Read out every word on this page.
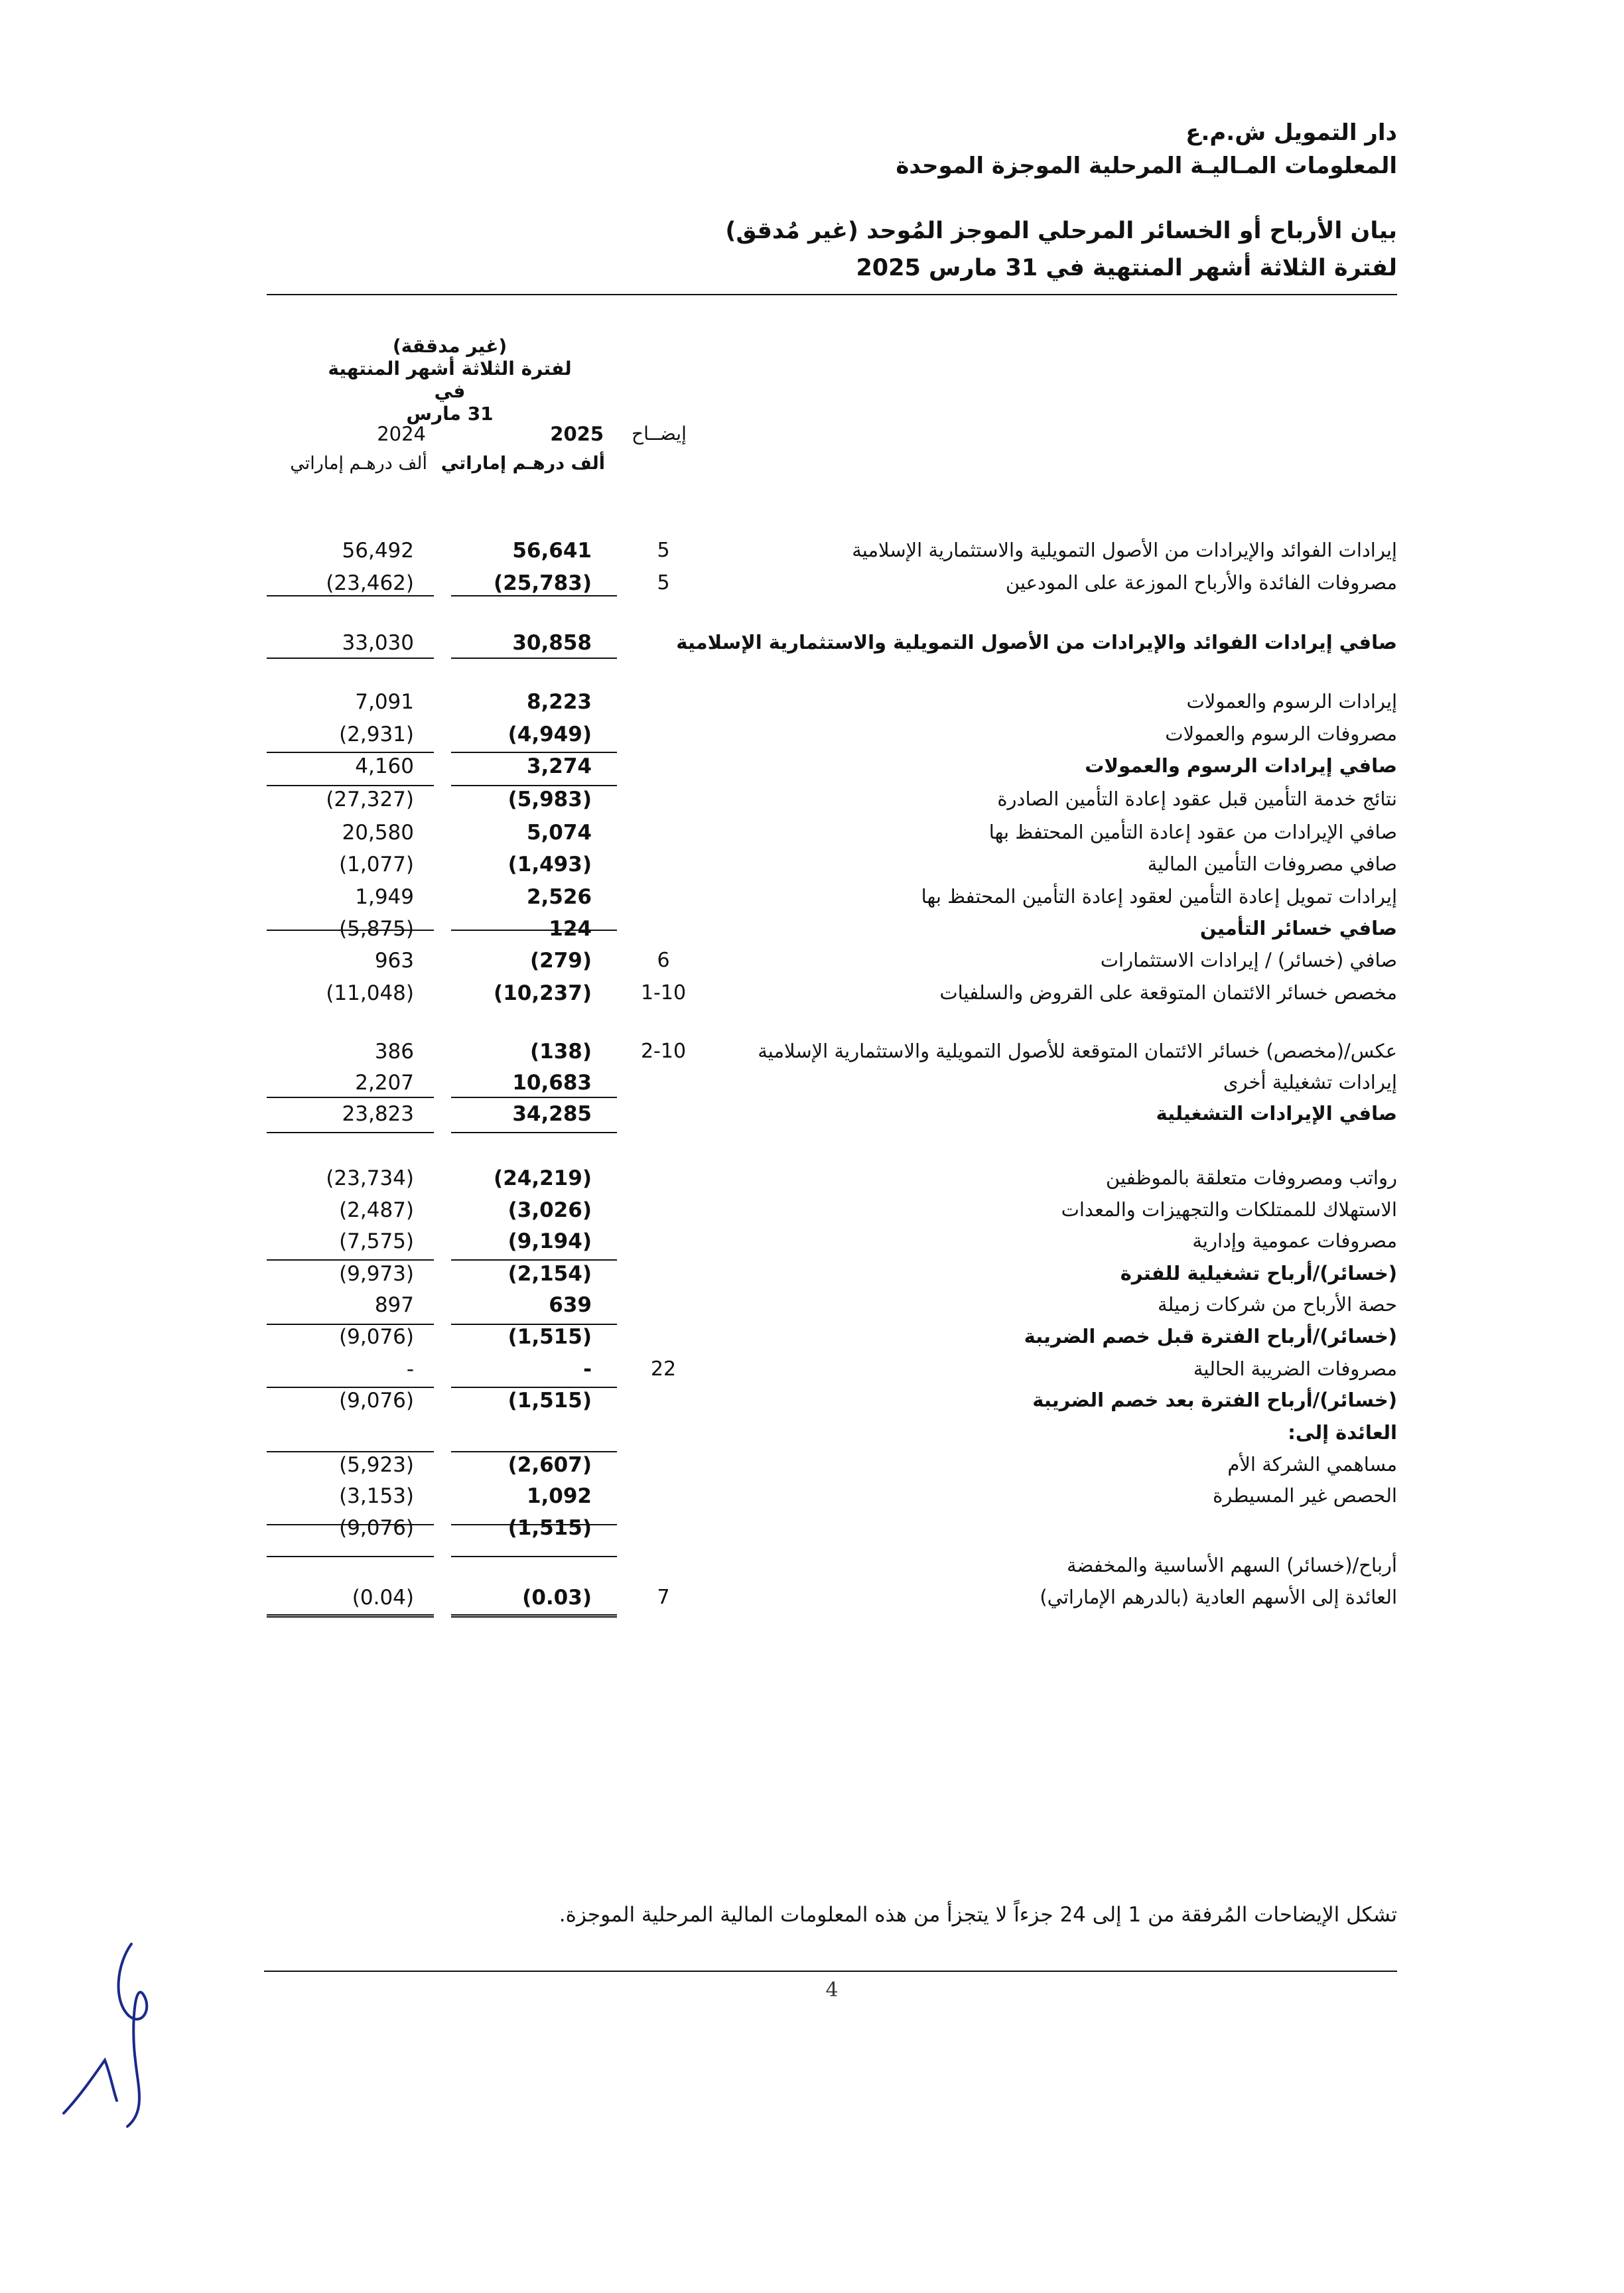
دار التمويل ش.م.ع
المعلومات المـاليـة المرحلية الموجزة الموحدة
بيان الأرباح أو الخسائر المرحلي الموجز المُوحد (غير مُدقق)
لفترة الثلاثة أشهر المنتهية في 31 مارس 2025
(غير مدققة)
لفترة الثلاثة أشهر المنتهية في
31 مارس
إيضــاح
2025
2024
ألف درهـم إماراتي
ألف درهـم إماراتي
إيرادات الفوائد والإيرادات من الأصول التمويلية والاستثمارية الإسلامية
5
56,641
56,492
مصروفات الفائدة والأرباح الموزعة على المودعين
5
(25,783)
(23,462)
صافي إيرادات الفوائد والإيرادات من الأصول التمويلية والاستثمارية الإسلامية
30,858
33,030
إيرادات الرسوم والعمولات
8,223
7,091
مصروفات الرسوم والعمولات
(4,949)
(2,931)
صافي إيرادات الرسوم والعمولات
3,274
4,160
نتائج خدمة التأمين قبل عقود إعادة التأمين الصادرة
(5,983)
(27,327)
صافي الإيرادات من عقود إعادة التأمين المحتفظ بها
5,074
20,580
صافي مصروفات التأمين المالية
(1,493)
(1,077)
إيرادات تمويل إعادة التأمين لعقود إعادة التأمين المحتفظ بها
2,526
1,949
صافي خسائر التأمين
124
(5,875)
صافي (خسائر) / إيرادات الاستثمارات
6
(279)
963
مخصص خسائر الائتمان المتوقعة على القروض والسلفيات
1-10
(10,237)
(11,048)
عكس/(مخصص) خسائر الائتمان المتوقعة للأصول التمويلية والاستثمارية الإسلامية
2-10
(138)
386
إيرادات تشغيلية أخرى
10,683
2,207
صافي الإيرادات التشغيلية
34,285
23,823
رواتب ومصروفات متعلقة بالموظفين
(24,219)
(23,734)
الاستهلاك للممتلكات والتجهيزات والمعدات
(3,026)
(2,487)
مصروفات عمومية وإدارية
(9,194)
(7,575)
(خسائر)/أرباح تشغيلية للفترة
(2,154)
(9,973)
حصة الأرباح من شركات زميلة
639
897
(خسائر)/أرباح الفترة قبل خصم الضريبة
(1,515)
(9,076)
مصروفات الضريبة الحالية
22
-
-
(خسائر)/أرباح الفترة بعد خصم الضريبة
(1,515)
(9,076)
العائدة إلى:
مساهمي الشركة الأم
(2,607)
(5,923)
الحصص غير المسيطرة
1,092
(3,153)
(1,515)
(9,076)
أرباح/(خسائر) السهم الأساسية والمخفضة
العائدة إلى الأسهم العادية (بالدرهم الإماراتي)
7
(0.03)
(0.04)
تشكل الإيضاحات المُرفقة من 1 إلى 24 جزءاً لا يتجزأ من هذه المعلومات المالية المرحلية الموجزة.
4
